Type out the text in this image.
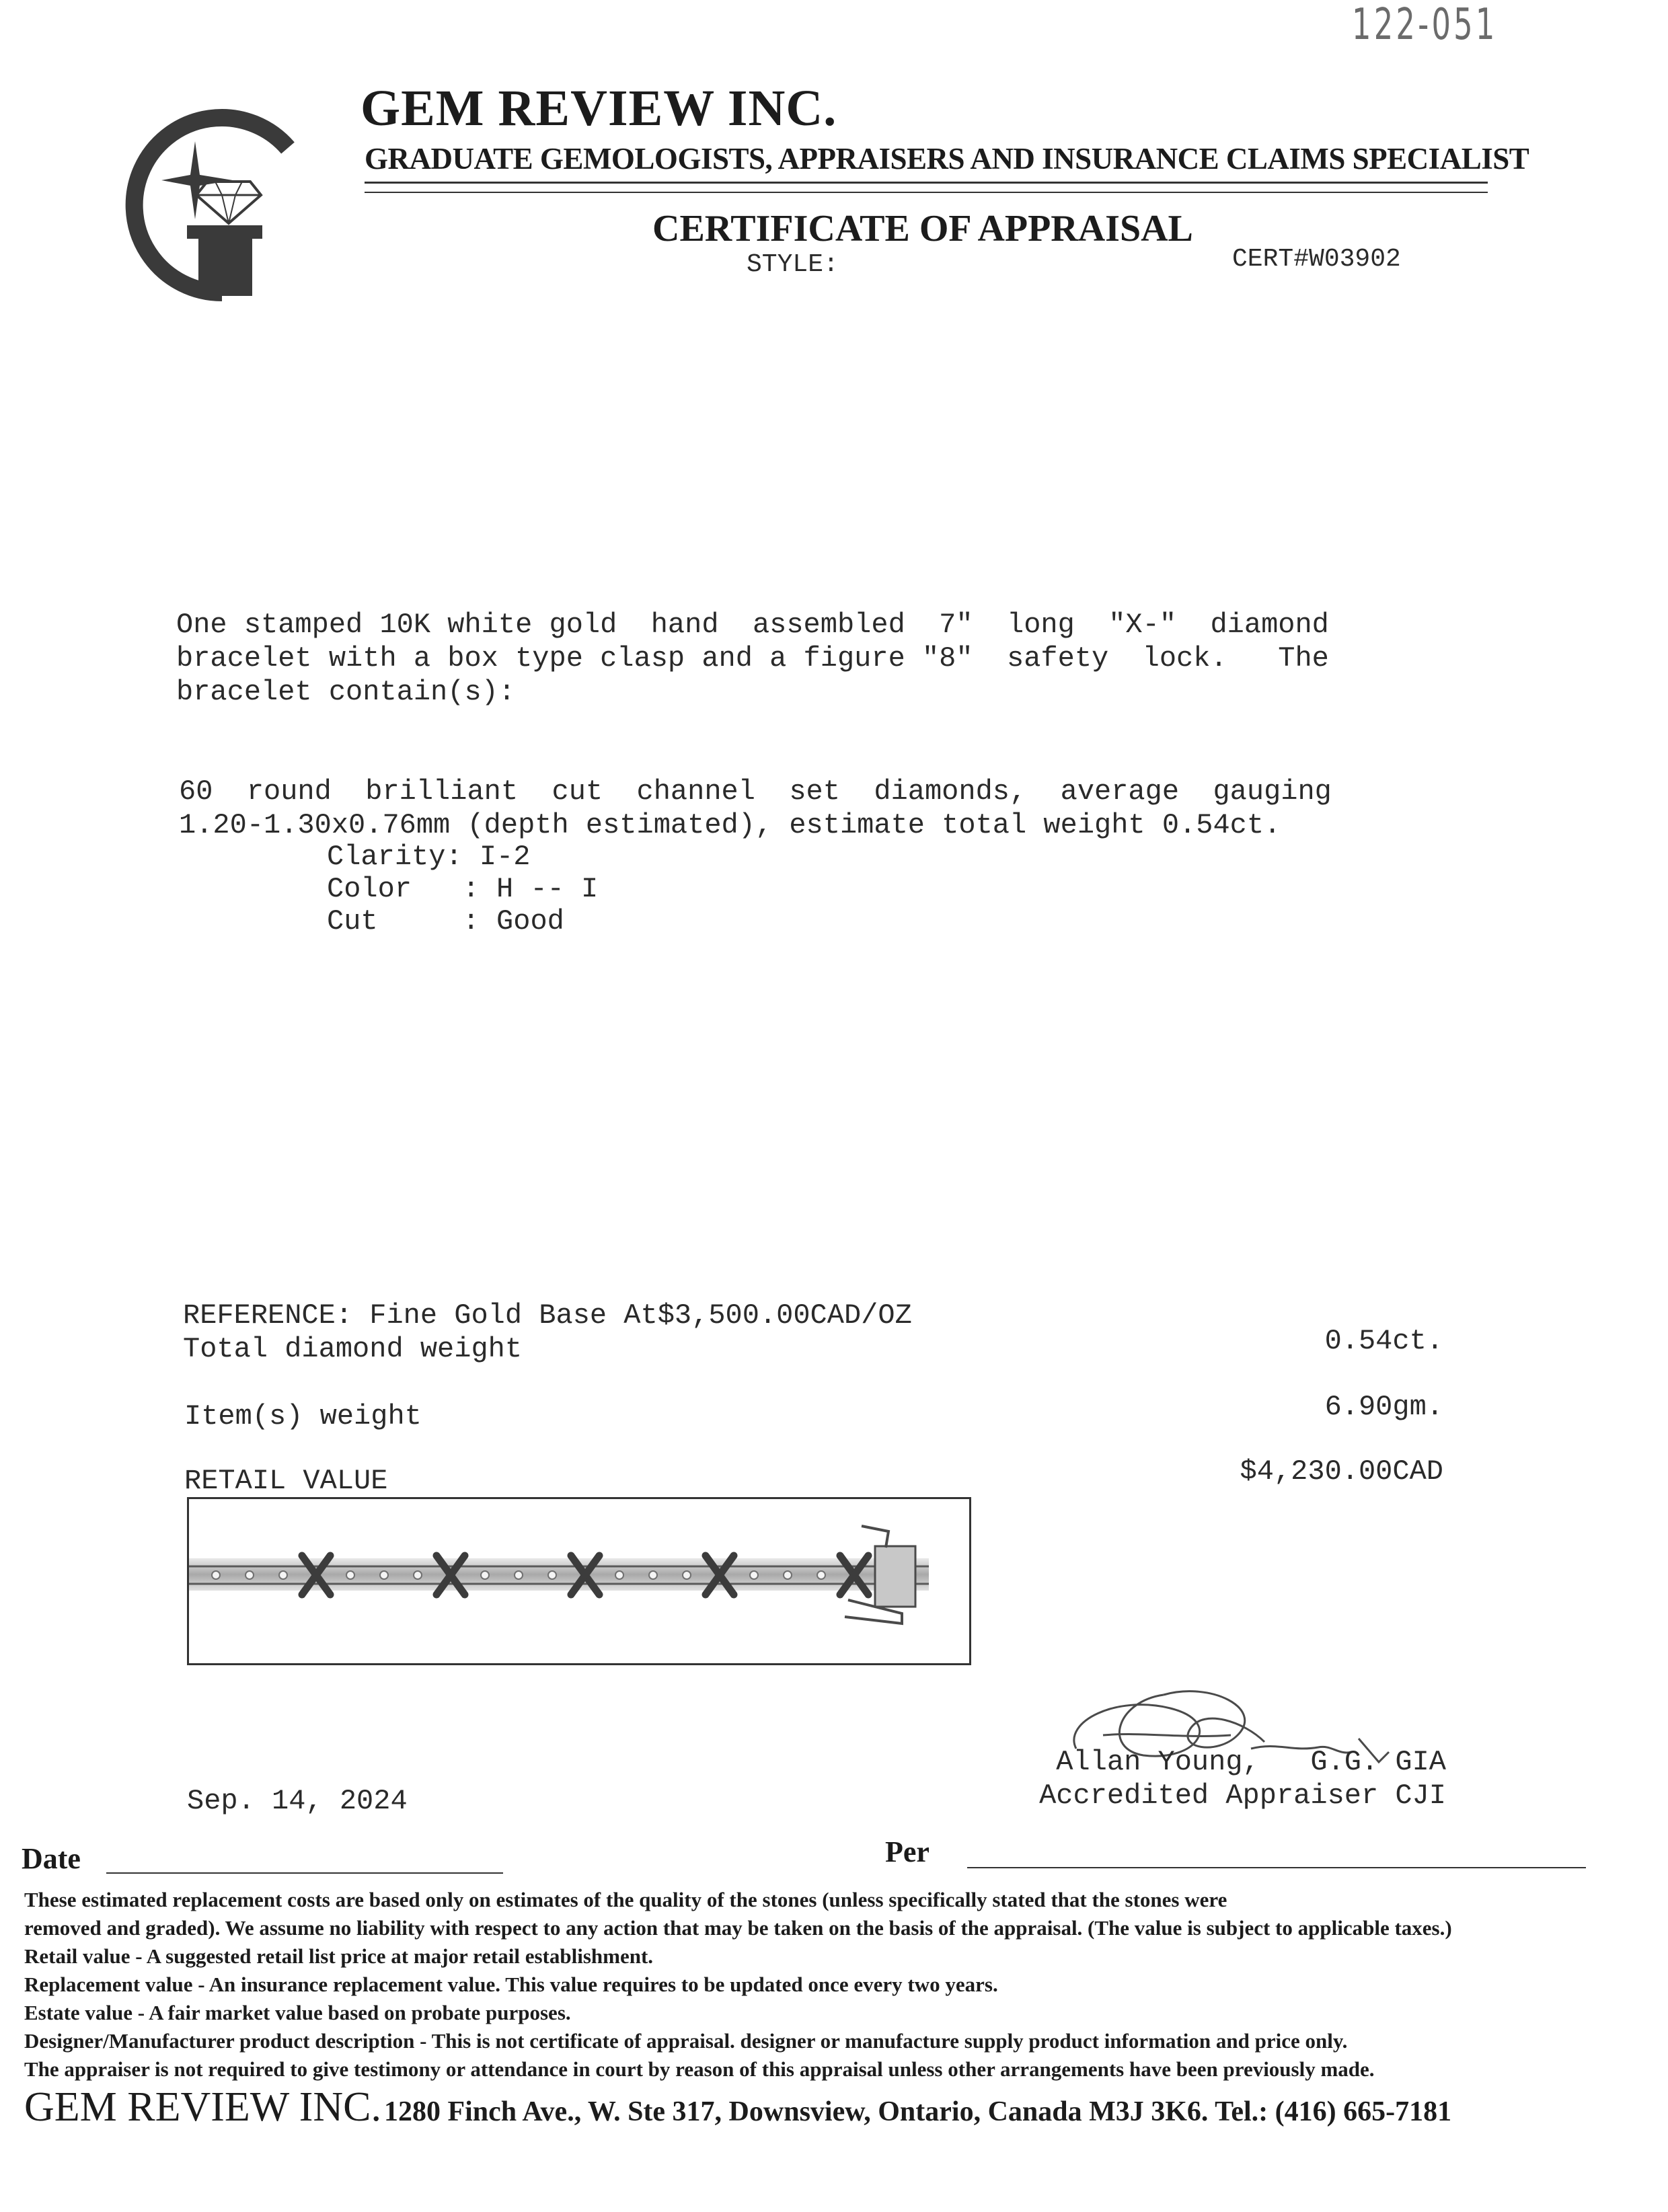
122-051
GEM REVIEW INC.
GRADUATE GEMOLOGISTS, APPRAISERS AND INSURANCE CLAIMS SPECIALIST
CERTIFICATE OF APPRAISAL
STYLE:	CERT#W03902
One stamped 10K white gold  hand  assembled  7"  long  "X-"  diamond
bracelet with a box type clasp and a figure "8"  safety  lock.   The
bracelet contain(s):
60  round  brilliant  cut  channel  set  diamonds,  average  gauging
1.20-1.30x0.76mm (depth estimated), estimate total weight 0.54ct.
Clarity: I-2
Color   : H -- I
Cut     : Good
REFERENCE: Fine Gold Base At$3,500.00CAD/OZ
Total diamond weight	0.54ct.
Item(s) weight	6.90gm.
RETAIL VALUE	$4,230.00CAD
Allan Young,   G.G. GIA
Accredited Appraiser CJI
Sep. 14, 2024
Date	Per
These estimated replacement costs are based only on estimates of the quality of the stones (unless specifically stated that the stones were
removed and graded). We assume no liability with respect to any action that may be taken on the basis of the appraisal. (The value is subject to applicable taxes.)
Retail value - A suggested retail list price at major retail establishment.
Replacement value - An insurance replacement value. This value requires to be updated once every two years.
Estate value - A fair market value based on probate purposes.
Designer/Manufacturer product description - This is not certificate of appraisal. designer or manufacture supply product information and price only.
The appraiser is not required to give testimony or attendance in court by reason of this appraisal unless other arrangements have been previously made.
GEM REVIEW INC. 1280 Finch Ave., W. Ste 317, Downsview, Ontario, Canada M3J 3K6. Tel.: (416) 665-7181
